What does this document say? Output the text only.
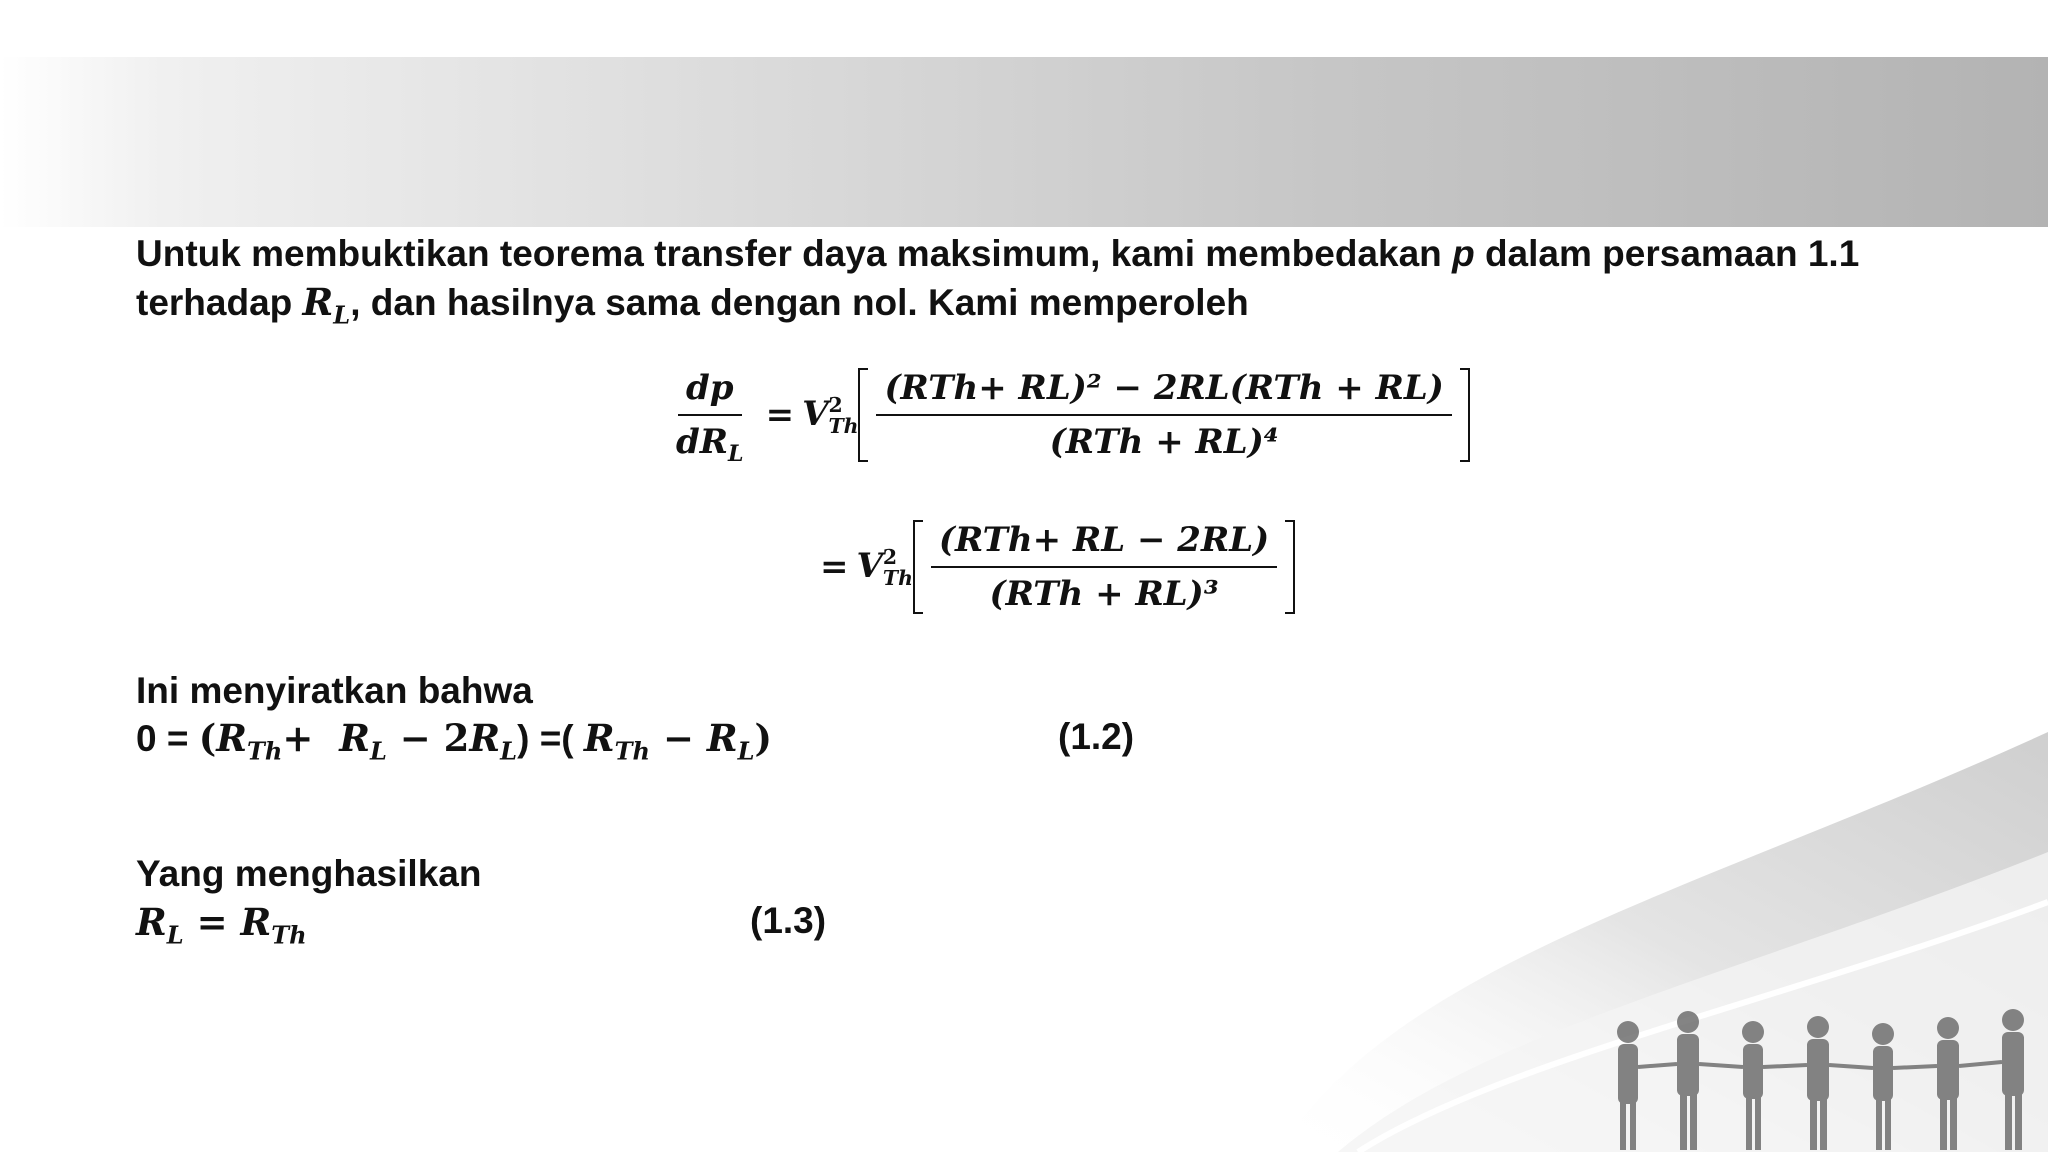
Untuk membuktikan teorema transfer daya maksimum, kami membedakan p dalam persamaan 1.1
terhadap $R_L$, dan hasilnya sama dengan nol. Kami memperoleh
$\frac{dp}{dR_L} = V$ 2
Th $\frac{\text{(RTh+ RL)² − 2RL(RTh + RL)}}{\text{(RTh + RL)⁴}}$
= V 2
Th $\frac{\text{(RTh+ RL − 2RL)}}{\text{(RTh + RL)³}}$
Ini menyiratkan bahwa
$0 = (R_{Th}+ R_L - 2R_L)$ =( $R_{Th} - R_L$)	(1.2)
Yang menghasilkan
$R_L = R_{Th}$	(1.3)
